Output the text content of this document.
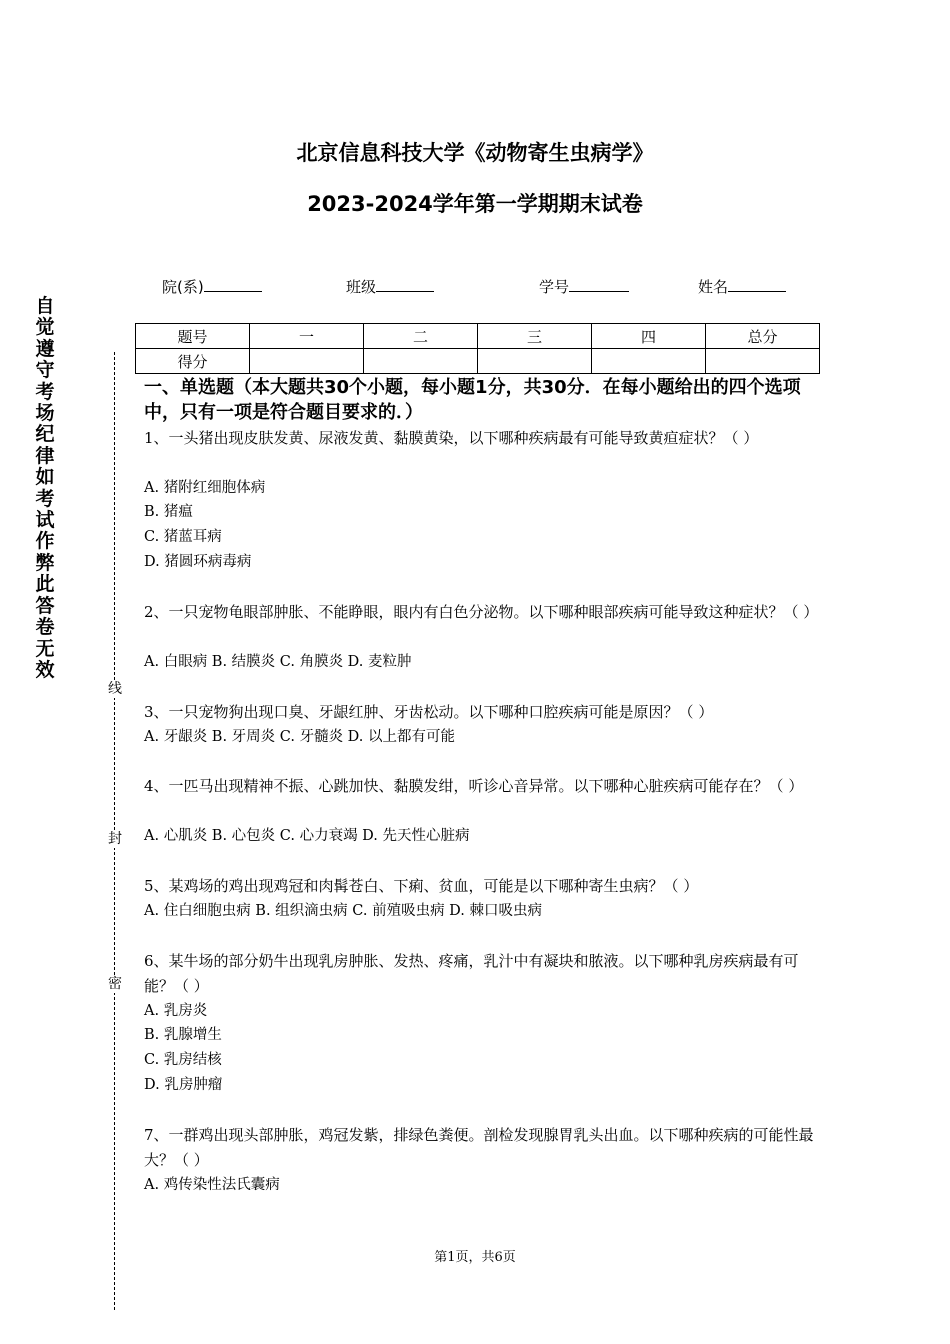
北京信息科技大学《动物寄生虫病学》
2023-2024学年第一学期期末试卷
自觉遵守考场纪律如考试作弊此答卷无效
线
封
密
院(系)	班级	学号	姓名
题号	一	二	三	四	总分
得分					
一、单选题（本大题共30个小题，每小题1分，共30分．在每小题给出的四个选项中，只有一项是符合题目要求的．）
1、一头猪出现皮肤发黄、尿液发黄、黏膜黄染，以下哪种疾病最有可能导致黄疸症状？（ ）
A. 猪附红细胞体病
B. 猪瘟
C. 猪蓝耳病
D. 猪圆环病毒病
2、一只宠物龟眼部肿胀、不能睁眼，眼内有白色分泌物。以下哪种眼部疾病可能导致这种症状？（ ）
A. 白眼病 B. 结膜炎 C. 角膜炎 D. 麦粒肿
3、一只宠物狗出现口臭、牙龈红肿、牙齿松动。以下哪种口腔疾病可能是原因？（ ）
A. 牙龈炎 B. 牙周炎 C. 牙髓炎 D. 以上都有可能
4、一匹马出现精神不振、心跳加快、黏膜发绀，听诊心音异常。以下哪种心脏疾病可能存在？（ ）
A. 心肌炎 B. 心包炎 C. 心力衰竭 D. 先天性心脏病
5、某鸡场的鸡出现鸡冠和肉髯苍白、下痢、贫血，可能是以下哪种寄生虫病？（ ）
A. 住白细胞虫病 B. 组织滴虫病 C. 前殖吸虫病 D. 棘口吸虫病
6、某牛场的部分奶牛出现乳房肿胀、发热、疼痛，乳汁中有凝块和脓液。以下哪种乳房疾病最有可能？（ ）
A. 乳房炎
B. 乳腺增生
C. 乳房结核
D. 乳房肿瘤
7、一群鸡出现头部肿胀，鸡冠发紫，排绿色粪便。剖检发现腺胃乳头出血。以下哪种疾病的可能性最大？（ ）
A. 鸡传染性法氏囊病
第1页，共6页
